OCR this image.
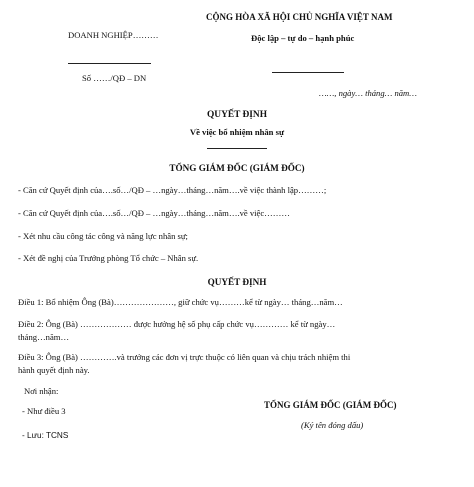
DOANH NGHIỆP………
Số ……/QĐ – DN
CỘNG HÒA XÃ HỘI CHỦ NGHĨA VIỆT NAM
Độc lập – tự do – hạnh phúc
……, ngày… tháng… năm…
QUYẾT ĐỊNH
Về việc bổ nhiệm nhân sự
TỔNG GIÁM ĐỐC (GIÁM ĐỐC)
- Căn cứ Quyết định của….số…/QĐ – …ngày…tháng…năm….về việc thành lập………;
- Căn cứ Quyết định của….số…/QĐ – …ngày…tháng…năm….về việc………
- Xét nhu cầu công tác công và năng lực nhân sự;
- Xét đề nghị của Trưởng phòng Tổ chức – Nhân sự.
QUYẾT ĐỊNH
Điều 1: Bổ nhiệm Ông (Bà)…………………, giữ chức vụ………kể từ ngày… tháng…năm…
Điều 2: Ông (Bà) ……………… được hưởng hệ số phụ cấp chức vụ………… kể từ ngày…
tháng…năm…
Điều 3: Ông (Bà) ………….và trưởng các đơn vị trực thuộc có liên quan và chịu trách nhiệm thi
hành quyết định này.
Nơi nhận:
- Như điều 3
- Lưu: TCNS
TỔNG GIÁM ĐỐC (GIÁM ĐỐC)
(Ký tên đóng dấu)
